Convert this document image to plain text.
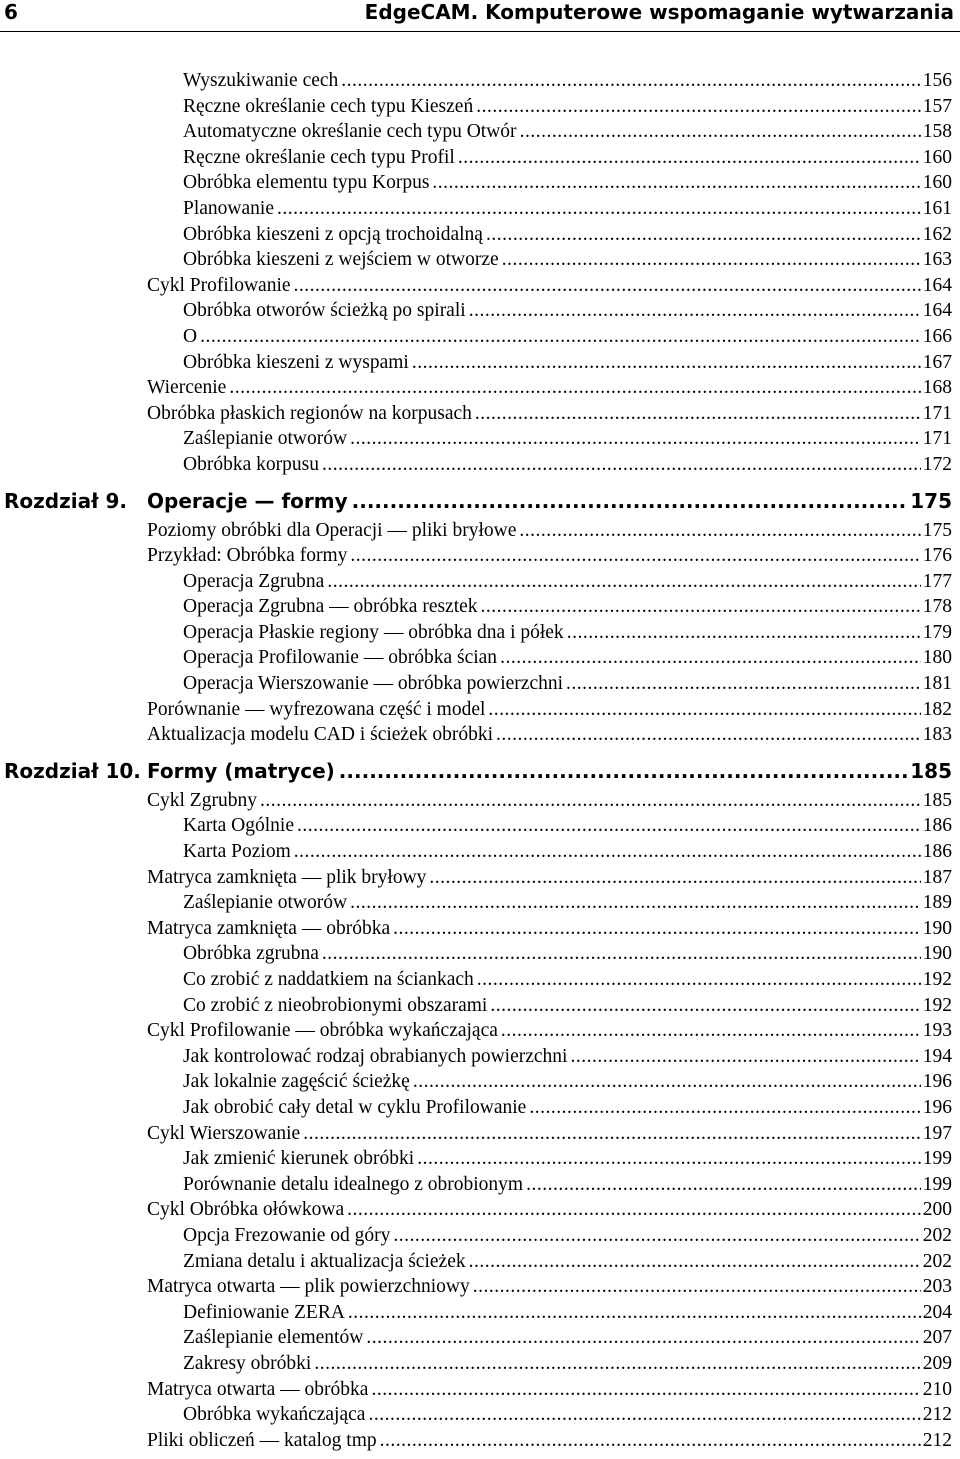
6	EdgeCAM. Komputerowe wspomaganie wytwarzania
Wyszukiwanie cech .....	156
Ręczne określanie cech typu Kieszeń .....	157
Automatyczne określanie cech typu Otwór .....	158
Ręczne określanie cech typu Profil .....	160
Obróbka elementu typu Korpus .....	160
Planowanie .....	161
Obróbka kieszeni z opcją trochoidalną .....	162
Obróbka kieszeni z wejściem w otworze .....	163
Cykl Profilowanie .....	164
Obróbka otworów ścieżką po spirali .....	164
O .....	166
Obróbka kieszeni z wyspami .....	167
Wiercenie .....	168
Obróbka płaskich regionów na korpusach .....	171
Zaślepianie otworów .....	171
Obróbka korpusu .....	172
Rozdział 9. Operacje — formy .....	175
Poziomy obróbki dla Operacji — pliki bryłowe .....	175
Przykład: Obróbka formy .....	176
Operacja Zgrubna .....	177
Operacja Zgrubna — obróbka resztek .....	178
Operacja Płaskie regiony — obróbka dna i półek .....	179
Operacja Profilowanie — obróbka ścian .....	180
Operacja Wierszowanie — obróbka powierzchni .....	181
Porównanie — wyfrezowana część i model .....	182
Aktualizacja modelu CAD i ścieżek obróbki .....	183
Rozdział 10. Formy (matryce) .....	185
Cykl Zgrubny .....	185
Karta Ogólnie .....	186
Karta Poziom .....	186
Matryca zamknięta — plik bryłowy .....	187
Zaślepianie otworów .....	189
Matryca zamknięta — obróbka .....	190
Obróbka zgrubna .....	190
Co zrobić z naddatkiem na ściankach .....	192
Co zrobić z nieobrobionymi obszarami .....	192
Cykl Profilowanie — obróbka wykańczająca .....	193
Jak kontrolować rodzaj obrabianych powierzchni .....	194
Jak lokalnie zagęścić ścieżkę .....	196
Jak obrobić cały detal w cyklu Profilowanie .....	196
Cykl Wierszowanie .....	197
Jak zmienić kierunek obróbki .....	199
Porównanie detalu idealnego z obrobionym .....	199
Cykl Obróbka ołówkowa .....	200
Opcja Frezowanie od góry .....	202
Zmiana detalu i aktualizacja ścieżek .....	202
Matryca otwarta — plik powierzchniowy .....	203
Definiowanie ZERA .....	204
Zaślepianie elementów .....	207
Zakresy obróbki .....	209
Matryca otwarta — obróbka .....	210
Obróbka wykańczająca .....	212
Pliki obliczeń — katalog tmp .....	212
